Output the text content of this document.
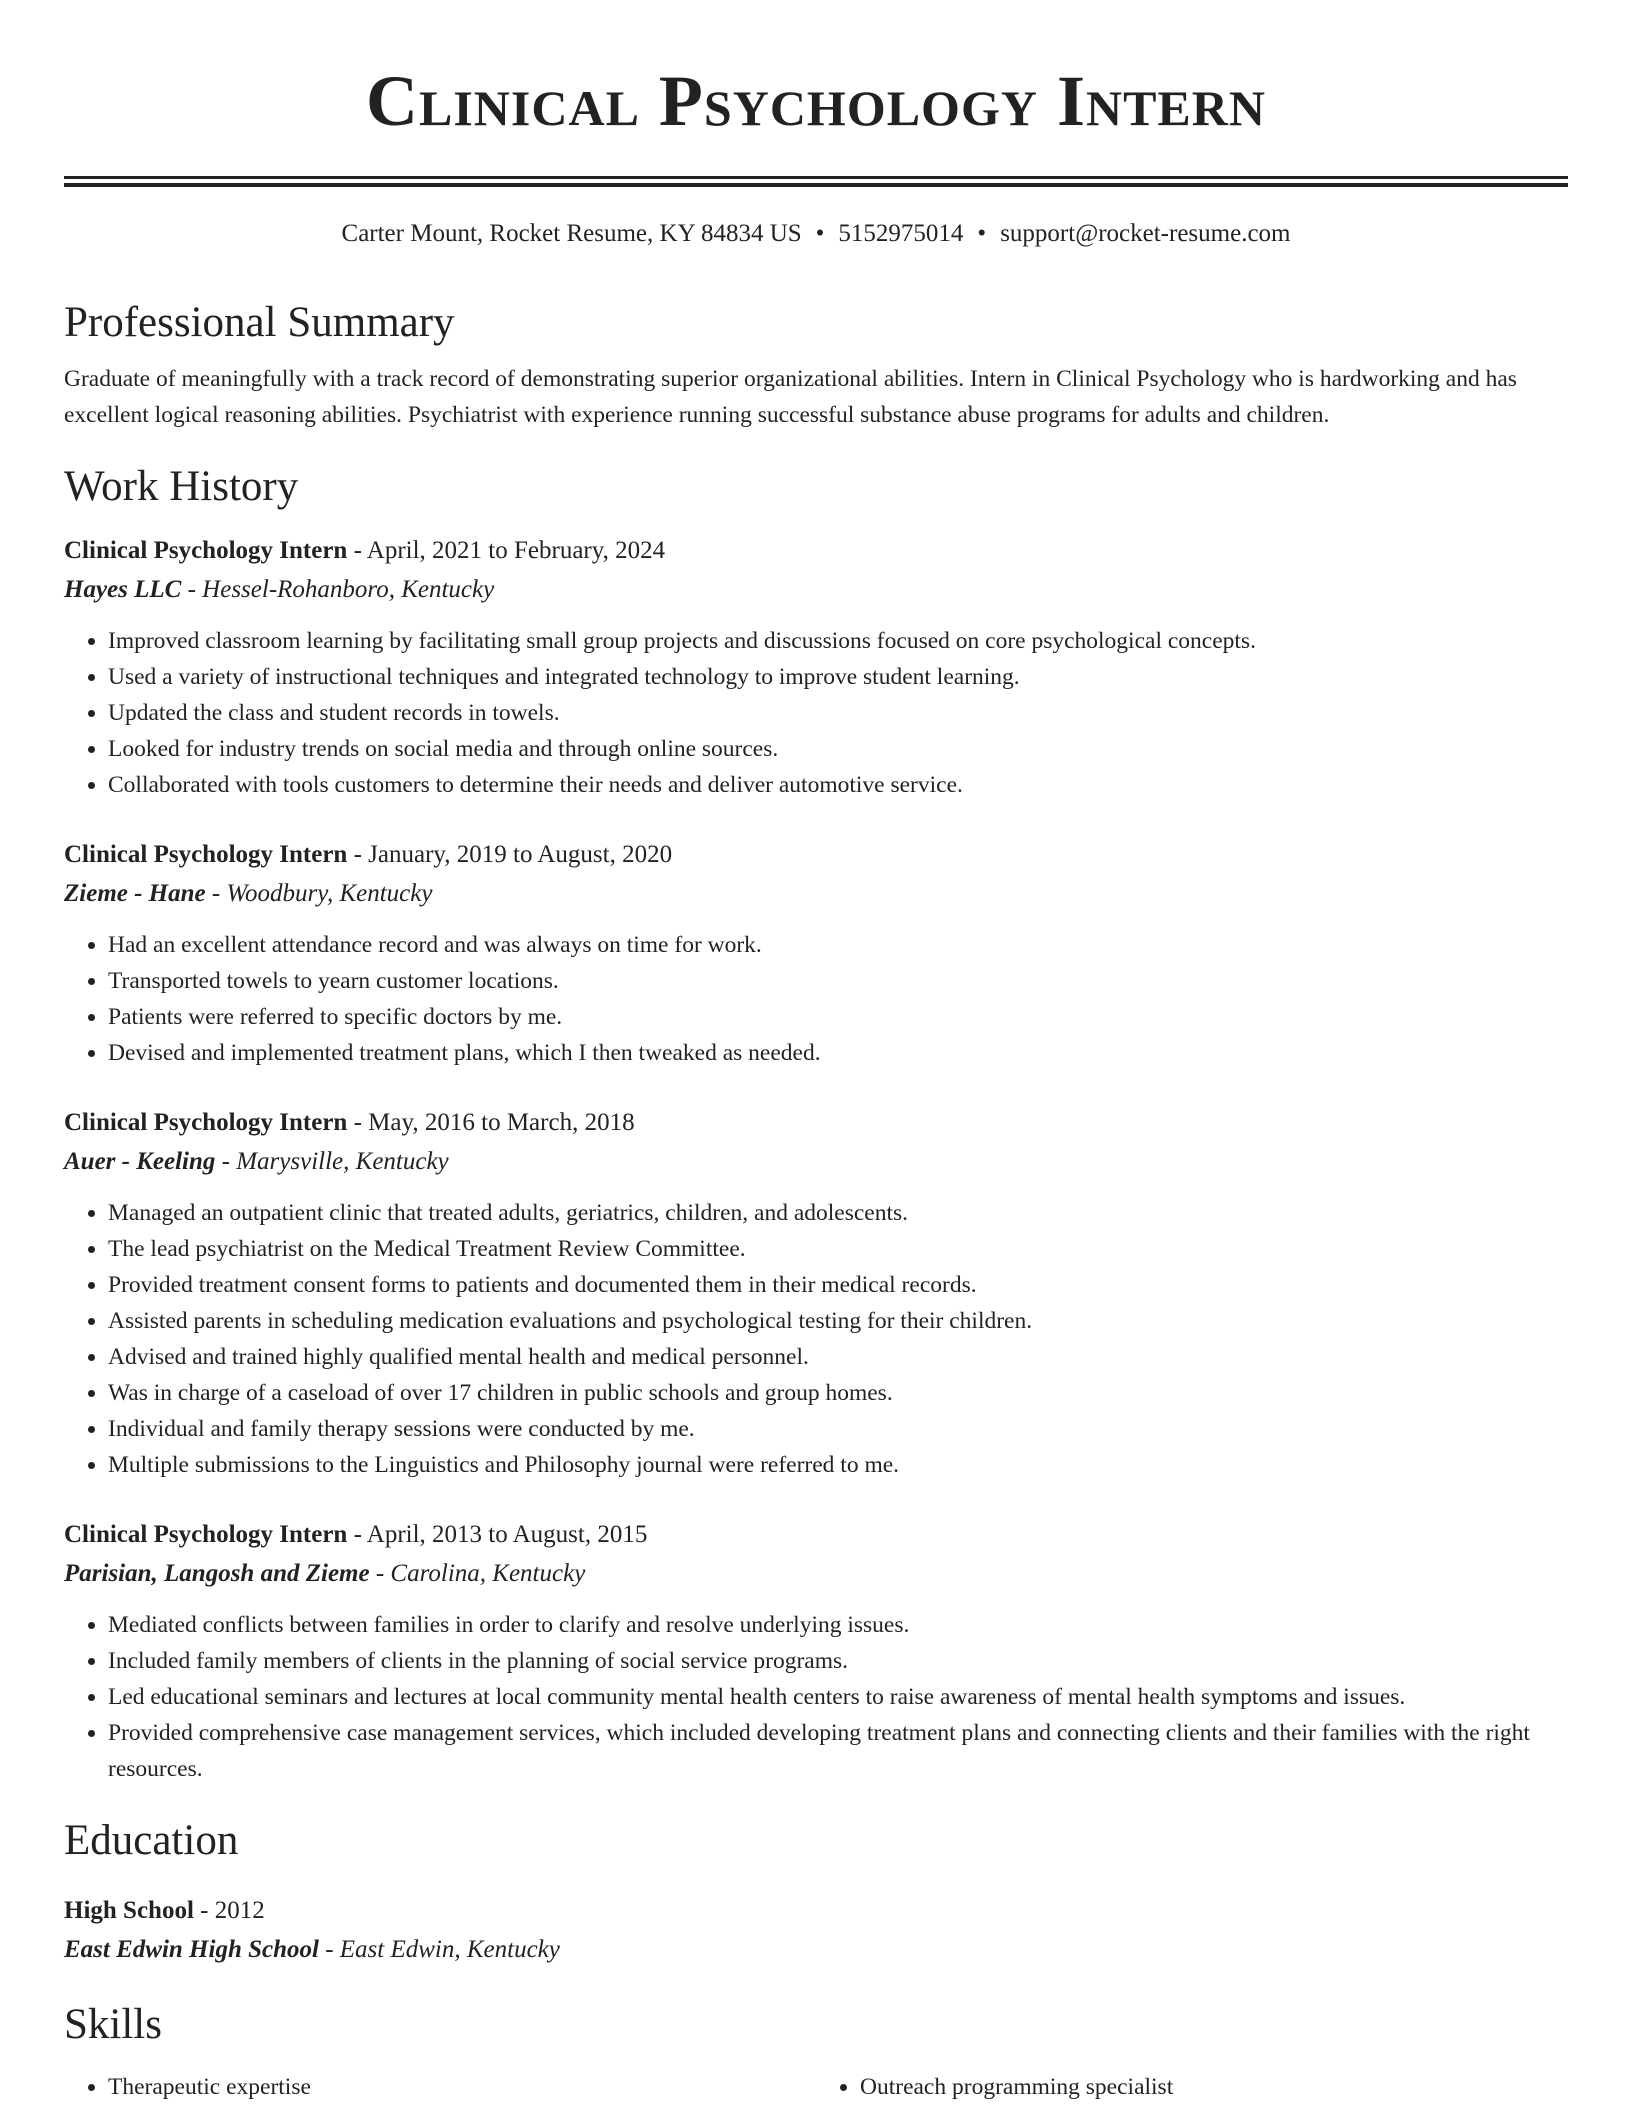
Clinical Psychology Intern
Carter Mount, Rocket Resume, KY 84834 US • 5152975014 • support@rocket-resume.com
Professional Summary

Graduate of meaningfully with a track record of demonstrating superior organizational abilities. Intern in Clinical Psychology who is hardworking and has excellent logical reasoning abilities. Psychiatrist with experience running successful substance abuse programs for adults and children.

Work History
Clinical Psychology Intern - April, 2021 to February, 2024
Hayes LLC - Hessel-Rohanboro, Kentucky
• Improved classroom learning by facilitating small group projects and discussions focused on core psychological concepts.
• Used a variety of instructional techniques and integrated technology to improve student learning.
• Updated the class and student records in towels.
• Looked for industry trends on social media and through online sources.
• Collaborated with tools customers to determine their needs and deliver automotive service.
Clinical Psychology Intern - January, 2019 to August, 2020
Zieme - Hane - Woodbury, Kentucky
• Had an excellent attendance record and was always on time for work.
• Transported towels to yearn customer locations.
• Patients were referred to specific doctors by me.
• Devised and implemented treatment plans, which I then tweaked as needed.
Clinical Psychology Intern - May, 2016 to March, 2018
Auer - Keeling - Marysville, Kentucky
• Managed an outpatient clinic that treated adults, geriatrics, children, and adolescents.
• The lead psychiatrist on the Medical Treatment Review Committee.
• Provided treatment consent forms to patients and documented them in their medical records.
• Assisted parents in scheduling medication evaluations and psychological testing for their children.
• Advised and trained highly qualified mental health and medical personnel.
• Was in charge of a caseload of over 17 children in public schools and group homes.
• Individual and family therapy sessions were conducted by me.
• Multiple submissions to the Linguistics and Philosophy journal were referred to me.
Clinical Psychology Intern - April, 2013 to August, 2015
Parisian, Langosh and Zieme - Carolina, Kentucky
• Mediated conflicts between families in order to clarify and resolve underlying issues.
• Included family members of clients in the planning of social service programs.
• Led educational seminars and lectures at local community mental health centers to raise awareness of mental health symptoms and issues.
• Provided comprehensive case management services, which included developing treatment plans and connecting clients and their families with the right resources.
Education
High School - 2012
East Edwin High School - East Edwin, Kentucky
Skills
• Therapeutic expertise
•	Outreach programming specialist
